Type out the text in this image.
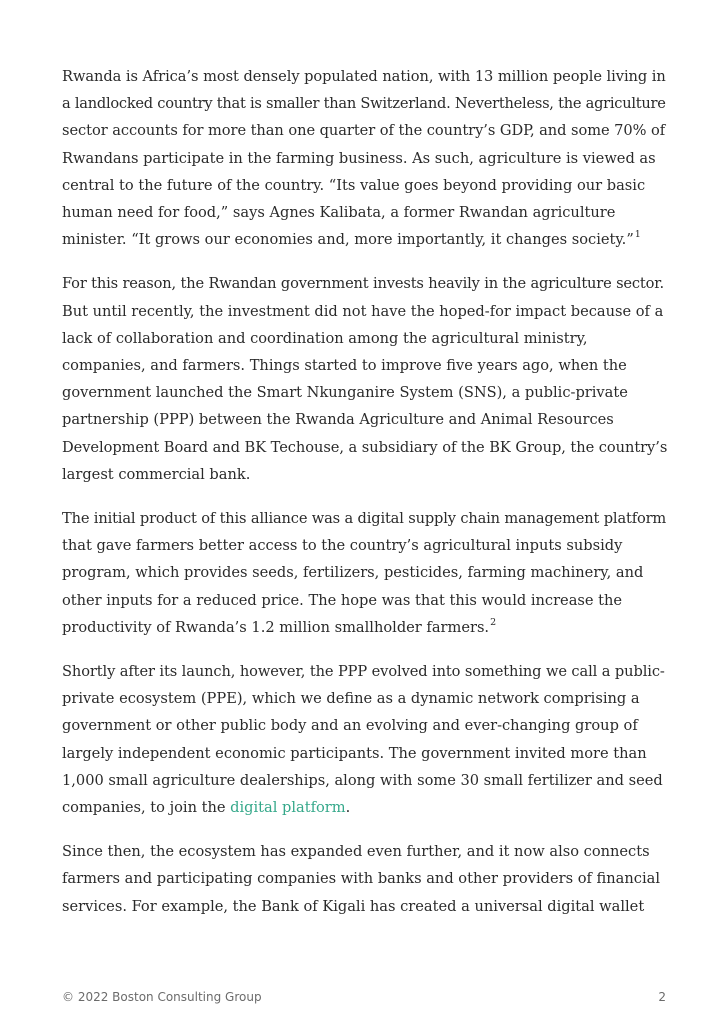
Rwanda is Africa’s most densely populated nation, with 13 million people living in
a landlocked country that is smaller than Switzerland. Nevertheless, the agriculture
sector accounts for more than one quarter of the country’s GDP, and some 70% of
Rwandans participate in the farming business. As such, agriculture is viewed as
central to the future of the country. “Its value goes beyond providing our basic
human need for food,” says Agnes Kalibata, a former Rwandan agriculture
minister. “It grows our economies and, more importantly, it changes society.”$^1$

For this reason, the Rwandan government invests heavily in the agriculture sector.
But until recently, the investment did not have the hoped-for impact because of a
lack of collaboration and coordination among the agricultural ministry,
companies, and farmers. Things started to improve five years ago, when the
government launched the Smart Nkunganire System (SNS), a public-private
partnership (PPP) between the Rwanda Agriculture and Animal Resources
Development Board and BK Techouse, a subsidiary of the BK Group, the country’s
largest commercial bank.

The initial product of this alliance was a digital supply chain management platform
that gave farmers better access to the country’s agricultural inputs subsidy
program, which provides seeds, fertilizers, pesticides, farming machinery, and
other inputs for a reduced price. The hope was that this would increase the
productivity of Rwanda’s 1.2 million smallholder farmers.$^2$

Shortly after its launch, however, the PPP evolved into something we call a public-
private ecosystem (PPE), which we define as a dynamic network comprising a
government or other public body and an evolving and ever-changing group of
largely independent economic participants. The government invited more than
1,000 small agriculture dealerships, along with some 30 small fertilizer and seed
companies, to join the digital platform.

Since then, the ecosystem has expanded even further, and it now also connects
farmers and participating companies with banks and other providers of financial
services. For example, the Bank of Kigali has created a universal digital wallet

© 2022 Boston Consulting Group	2
